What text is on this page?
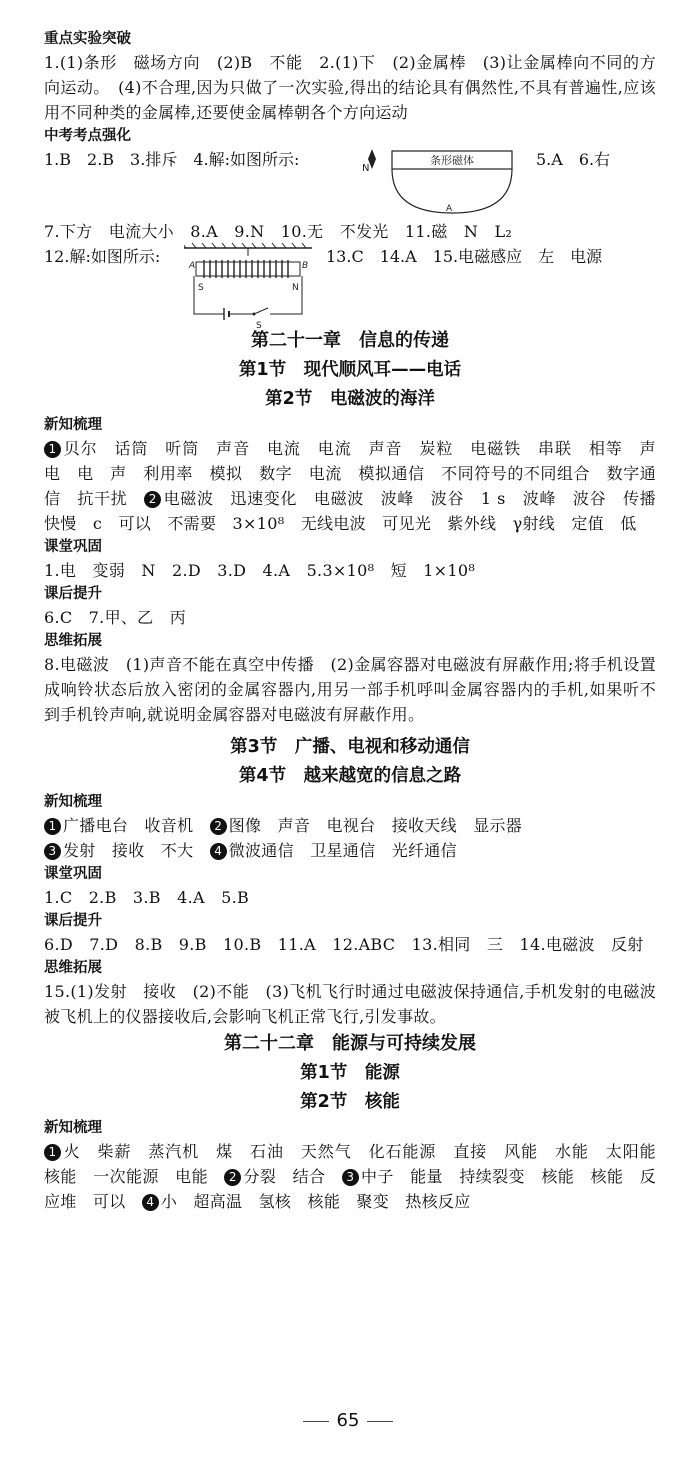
重点实验突破

1.(1)条形　磁场方向　(2)B　不能　2.(1)下　(2)金属棒　(3)让金属棒向不同的方向运动。　(4)不合理,因为只做了一次实验,得出的结论具有偶然性,不具有普遍性,应该用不同种类的金属棒,还要使金属棒朝各个方向运动

中考考点强化

1.B　2.B　3.排斥　4.解:如图所示:	条形磁体
N
A
5.A　6.右

7.下方　电流大小　8.A　9.N　10.无　不发光　11.磁　N　L₂

12.解:如图所示:	A	B
S	N
S
13.C　14.A　15.电磁感应　左　电源

第二十一章　信息的传递

第1节　现代顺风耳——电话

第2节　电磁波的海洋

新知梳理

1 贝尔　话筒　听筒　声音　电流　电流　声音　炭粒　电磁铁　串联　相等　声　电　电　声　利用率　模拟　数字　电流　模拟通信　不同符号的不同组合　数字通信　抗干扰　2 电磁波　迅速变化　电磁波　波峰　波谷　1 s　波峰　波谷　传播快慢　c　可以　不需要　3×10⁸　无线电波　可见光　紫外线　γ射线　定值　低

课堂巩固

1.电　变弱　N　2.D　3.D　4.A　5.3×10⁸　短　1×10⁸

课后提升

6.C　7.甲、乙　丙

思维拓展

8.电磁波　(1)声音不能在真空中传播　(2)金属容器对电磁波有屏蔽作用;将手机设置成响铃状态后放入密闭的金属容器内,用另一部手机呼叫金属容器内的手机,如果听不到手机铃声响,就说明金属容器对电磁波有屏蔽作用。

第3节　广播、电视和移动通信

第4节　越来越宽的信息之路

新知梳理

1 广播电台　收音机　2 图像　声音　电视台　接收天线　显示器

3 发射　接收　不大　4 微波通信　卫星通信　光纤通信

课堂巩固

1.C　2.B　3.B　4.A　5.B

课后提升

6.D　7.D　8.B　9.B　10.B　11.A　12.ABC　13.相同　三　14.电磁波　反射

思维拓展

15.(1)发射　接收　(2)不能　(3)飞机飞行时通过电磁波保持通信,手机发射的电磁波被飞机上的仪器接收后,会影响飞机正常飞行,引发事故。

第二十二章　能源与可持续发展

第1节　能源

第2节　核能

新知梳理

1 火　柴薪　蒸汽机　煤　石油　天然气　化石能源　直接　风能　水能　太阳能　核能　一次能源　电能　2 分裂　结合　3 中子　能量　持续裂变　核能　核能　反应堆　可以　4 小　超高温　氢核　核能　聚变　热核反应

65
